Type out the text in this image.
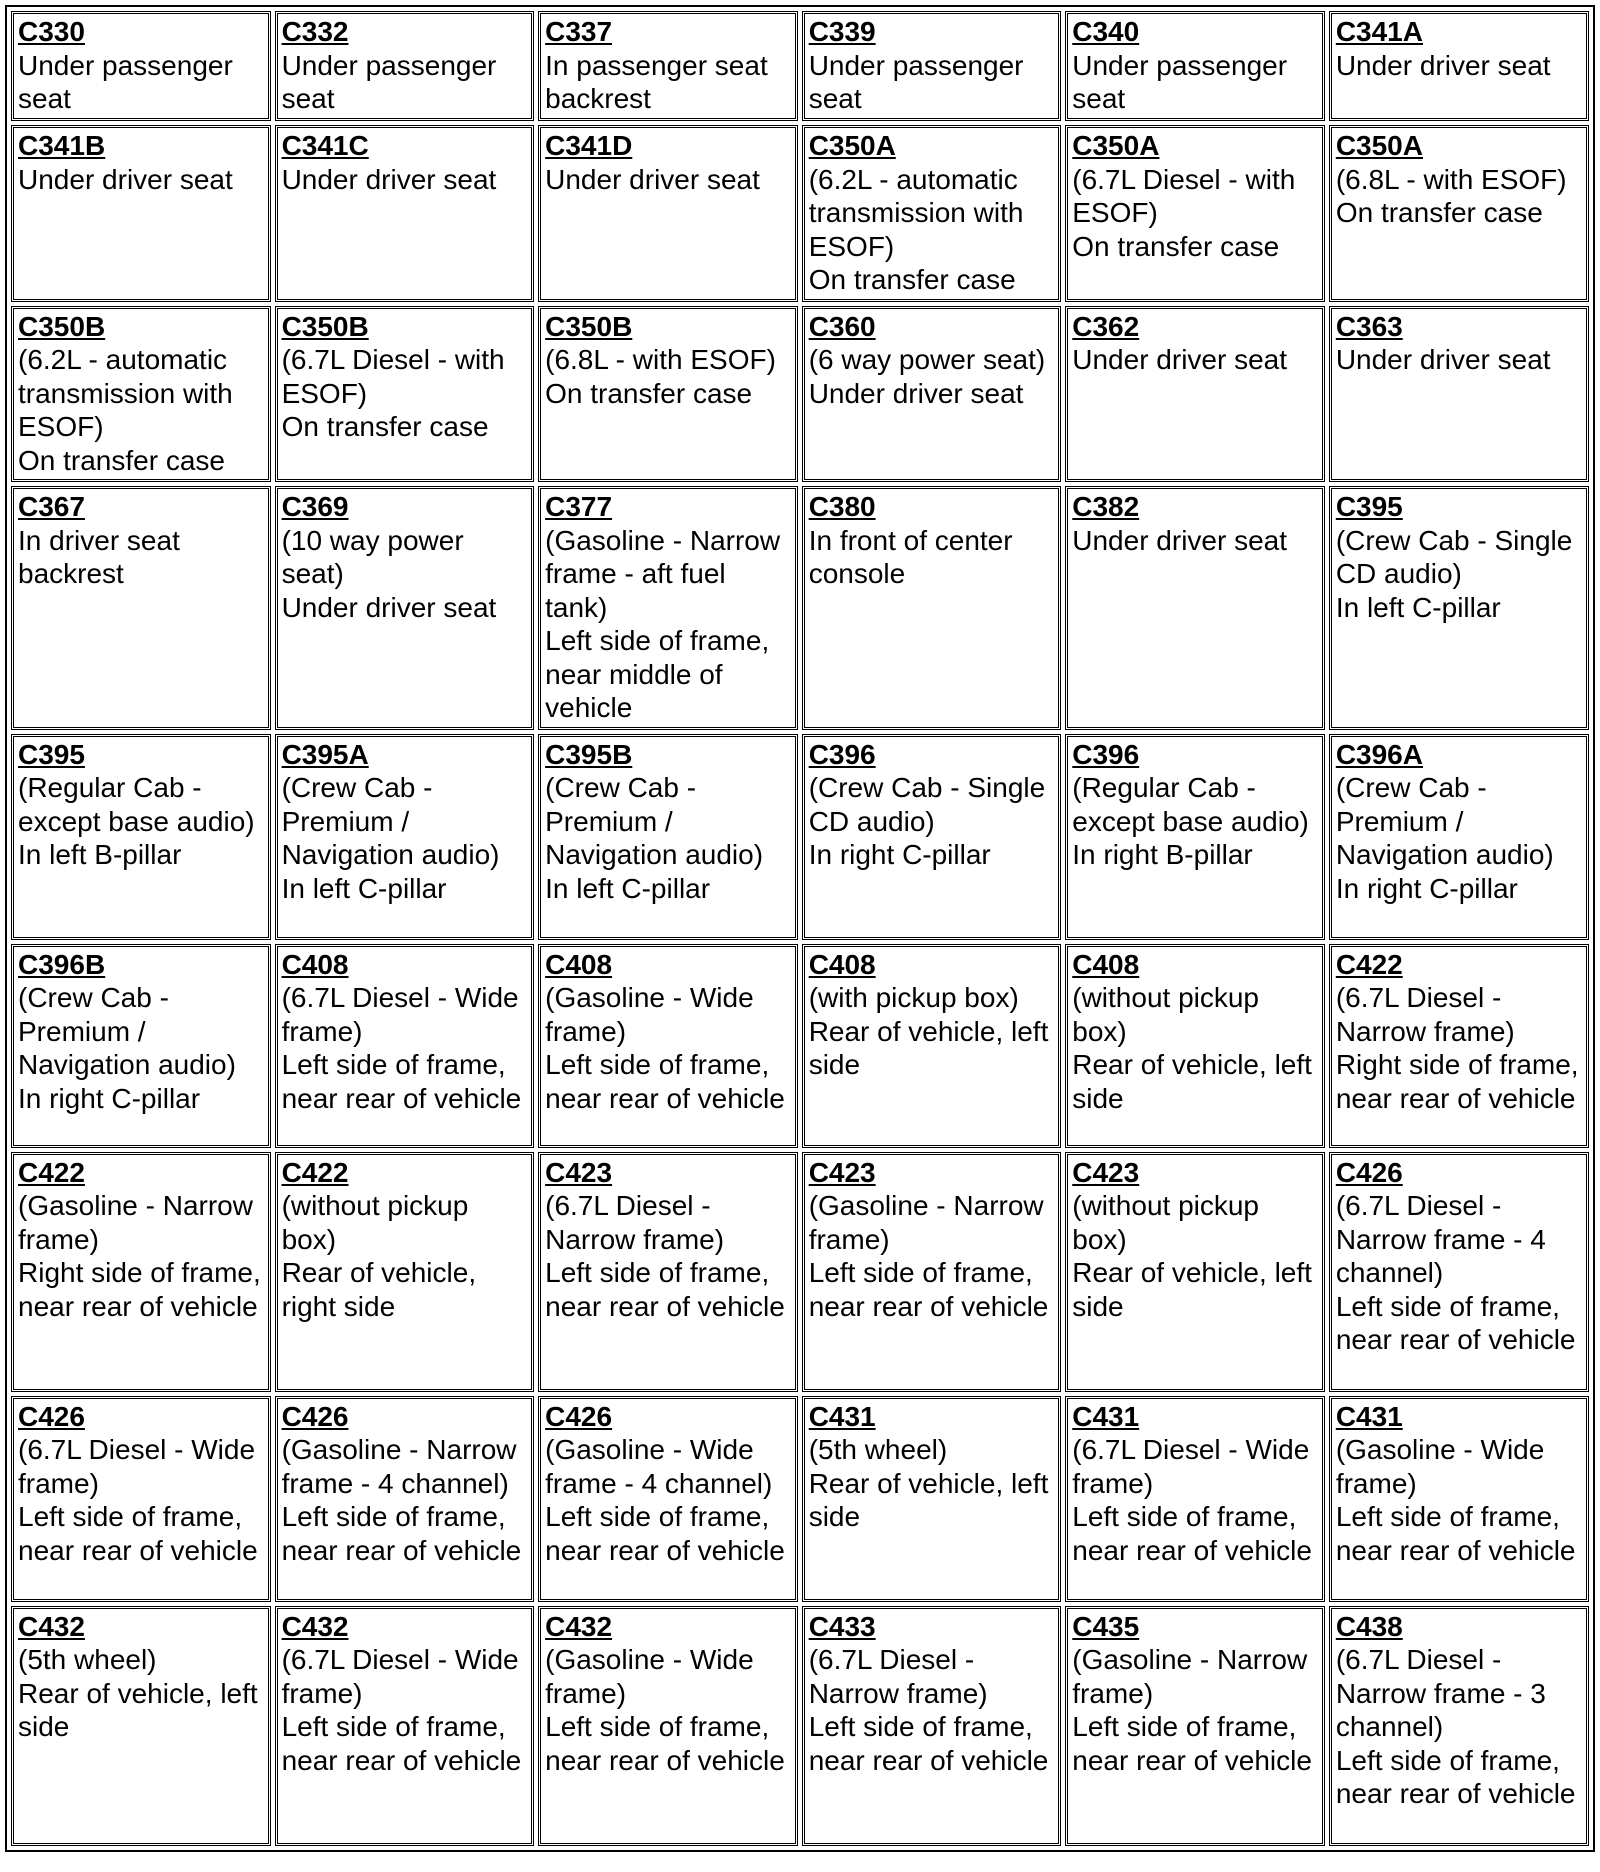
C330
Under passenger seat	C332
Under passenger seat	C337
In passenger seat backrest	C339
Under passenger seat	C340
Under passenger seat	C341A
Under driver seat

C341B
Under driver seat	C341C
Under driver seat	C341D
Under driver seat	C350A
(6.2L - automatic transmission with ESOF)
On transfer case	C350A
(6.7L Diesel - with ESOF)
On transfer case	C350A
(6.8L - with ESOF)
On transfer case

C350B
(6.2L - automatic transmission with ESOF)
On transfer case	C350B
(6.7L Diesel - with ESOF)
On transfer case	C350B
(6.8L - with ESOF)
On transfer case	C360
(6 way power seat)
Under driver seat	C362
Under driver seat	C363
Under driver seat

C367
In driver seat backrest	C369
(10 way power seat)
Under driver seat	C377
(Gasoline - Narrow frame - aft fuel tank)
Left side of frame, near middle of vehicle	C380
In front of center console	C382
Under driver seat	C395
(Crew Cab - Single CD audio)
In left C-pillar

C395
(Regular Cab - except base audio)
In left B-pillar	C395A
(Crew Cab - Premium / Navigation audio)
In left C-pillar	C395B
(Crew Cab - Premium / Navigation audio)
In left C-pillar	C396
(Crew Cab - Single CD audio)
In right C-pillar	C396
(Regular Cab - except base audio)
In right B-pillar	C396A
(Crew Cab - Premium / Navigation audio)
In right C-pillar

C396B
(Crew Cab - Premium / Navigation audio)
In right C-pillar	C408
(6.7L Diesel - Wide frame)
Left side of frame, near rear of vehicle	C408
(Gasoline - Wide frame)
Left side of frame, near rear of vehicle	C408
(with pickup box)
Rear of vehicle, left side	C408
(without pickup box)
Rear of vehicle, left side	C422
(6.7L Diesel - Narrow frame)
Right side of frame, near rear of vehicle

C422
(Gasoline - Narrow frame)
Right side of frame, near rear of vehicle	C422
(without pickup box)
Rear of vehicle, right side	C423
(6.7L Diesel - Narrow frame)
Left side of frame, near rear of vehicle	C423
(Gasoline - Narrow frame)
Left side of frame, near rear of vehicle	C423
(without pickup box)
Rear of vehicle, left side	C426
(6.7L Diesel - Narrow frame - 4 channel)
Left side of frame, near rear of vehicle

C426
(6.7L Diesel - Wide frame)
Left side of frame, near rear of vehicle	C426
(Gasoline - Narrow frame - 4 channel)
Left side of frame, near rear of vehicle	C426
(Gasoline - Wide frame - 4 channel)
Left side of frame, near rear of vehicle	C431
(5th wheel)
Rear of vehicle, left side	C431
(6.7L Diesel - Wide frame)
Left side of frame, near rear of vehicle	C431
(Gasoline - Wide frame)
Left side of frame, near rear of vehicle

C432
(5th wheel)
Rear of vehicle, left side	C432
(6.7L Diesel - Wide frame)
Left side of frame, near rear of vehicle	C432
(Gasoline - Wide frame)
Left side of frame, near rear of vehicle	C433
(6.7L Diesel - Narrow frame)
Left side of frame, near rear of vehicle	C435
(Gasoline - Narrow frame)
Left side of frame, near rear of vehicle	C438
(6.7L Diesel - Narrow frame - 3 channel)
Left side of frame, near rear of vehicle
